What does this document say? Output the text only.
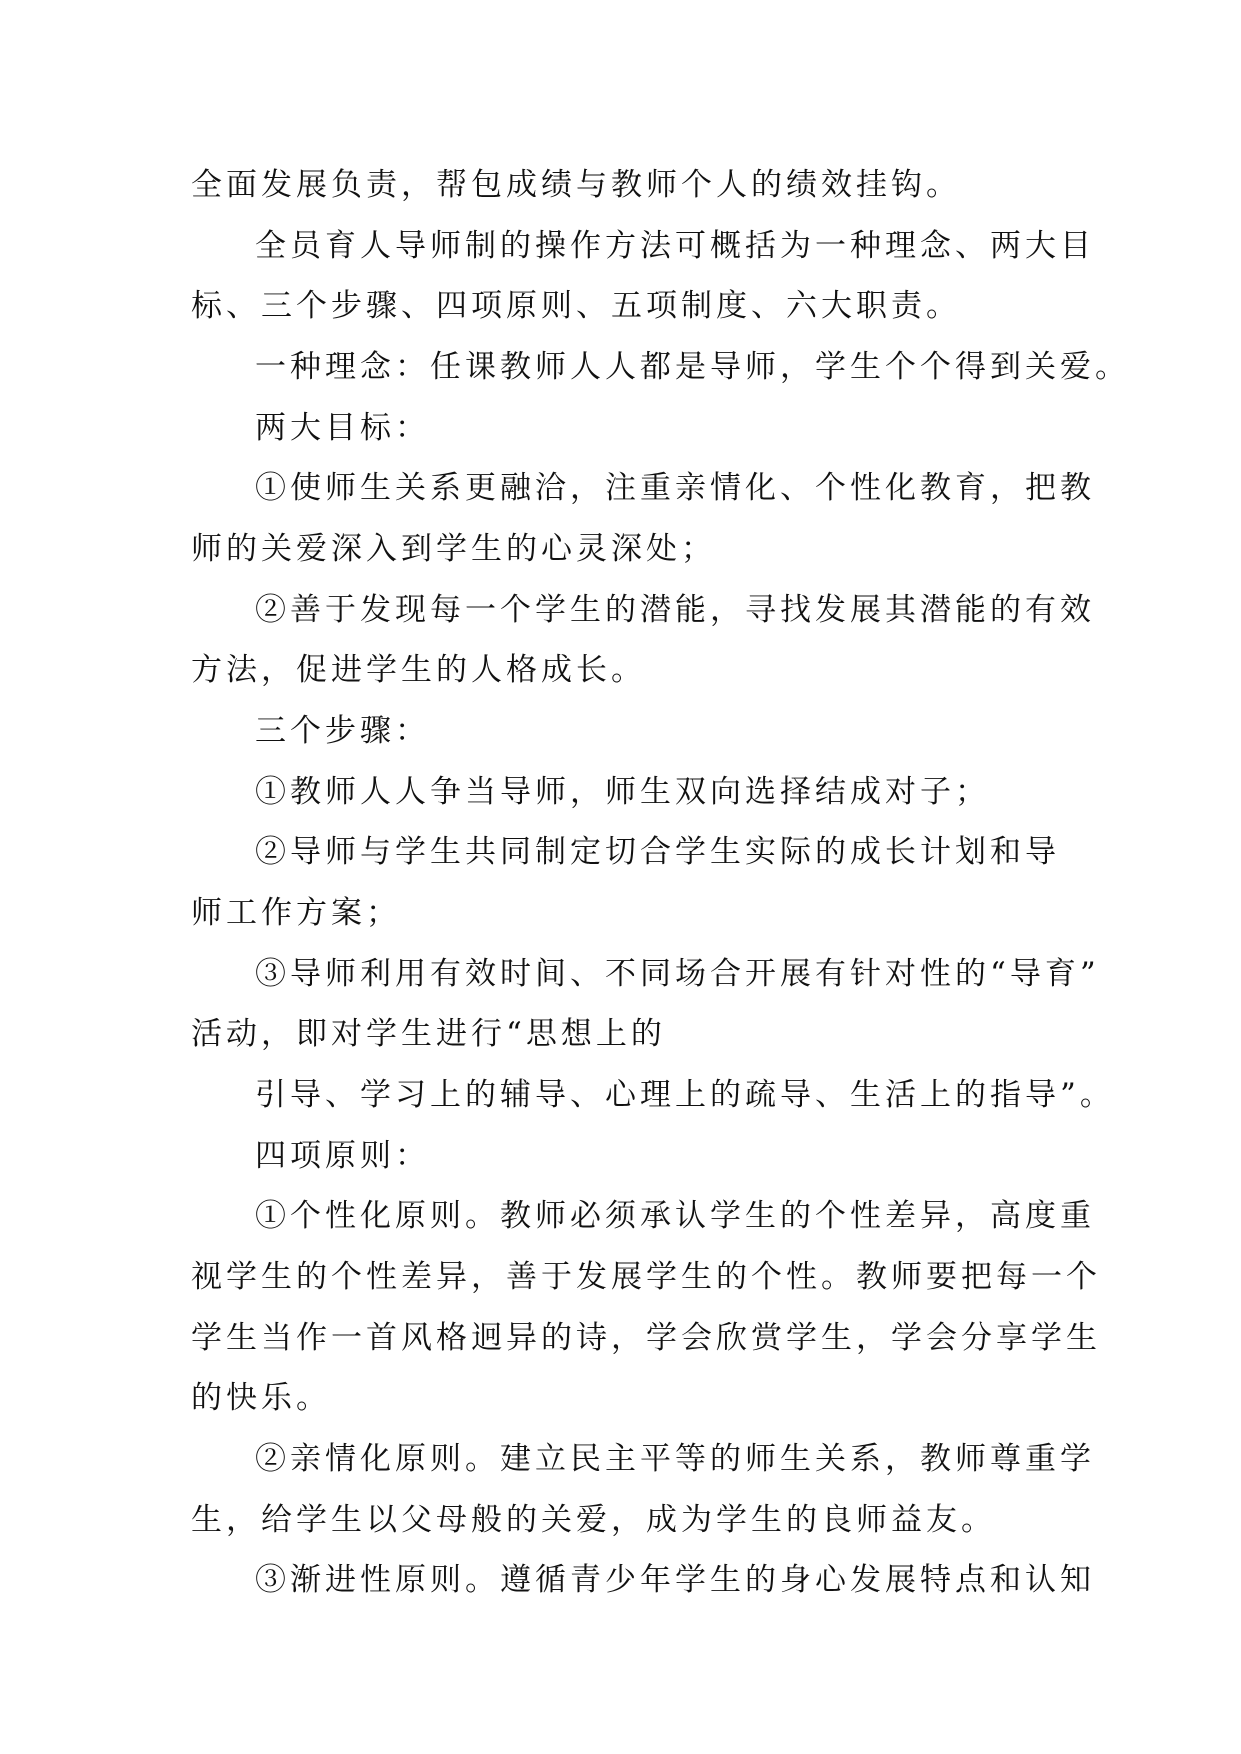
全面发展负责，帮包成绩与教师个人的绩效挂钩。
全员育人导师制的操作方法可概括为一种理念、两大目
标、三个步骤、四项原则、五项制度、六大职责。
一种理念：任课教师人人都是导师，学生个个得到关爱。
两大目标：
①使师生关系更融洽，注重亲情化、个性化教育，把教
师的关爱深入到学生的心灵深处；
②善于发现每一个学生的潜能，寻找发展其潜能的有效
方法，促进学生的人格成长。
三个步骤：
①教师人人争当导师，师生双向选择结成对子；
②导师与学生共同制定切合学生实际的成长计划和导
师工作方案；
③导师利用有效时间、不同场合开展有针对性的“导育”
活动，即对学生进行“思想上的
引导、学习上的辅导、心理上的疏导、生活上的指导”。
四项原则：
①个性化原则。教师必须承认学生的个性差异，高度重
视学生的个性差异，善于发展学生的个性。教师要把每一个
学生当作一首风格迥异的诗，学会欣赏学生，学会分享学生
的快乐。
②亲情化原则。建立民主平等的师生关系，教师尊重学
生，给学生以父母般的关爱，成为学生的良师益友。
③渐进性原则。遵循青少年学生的身心发展特点和认知
